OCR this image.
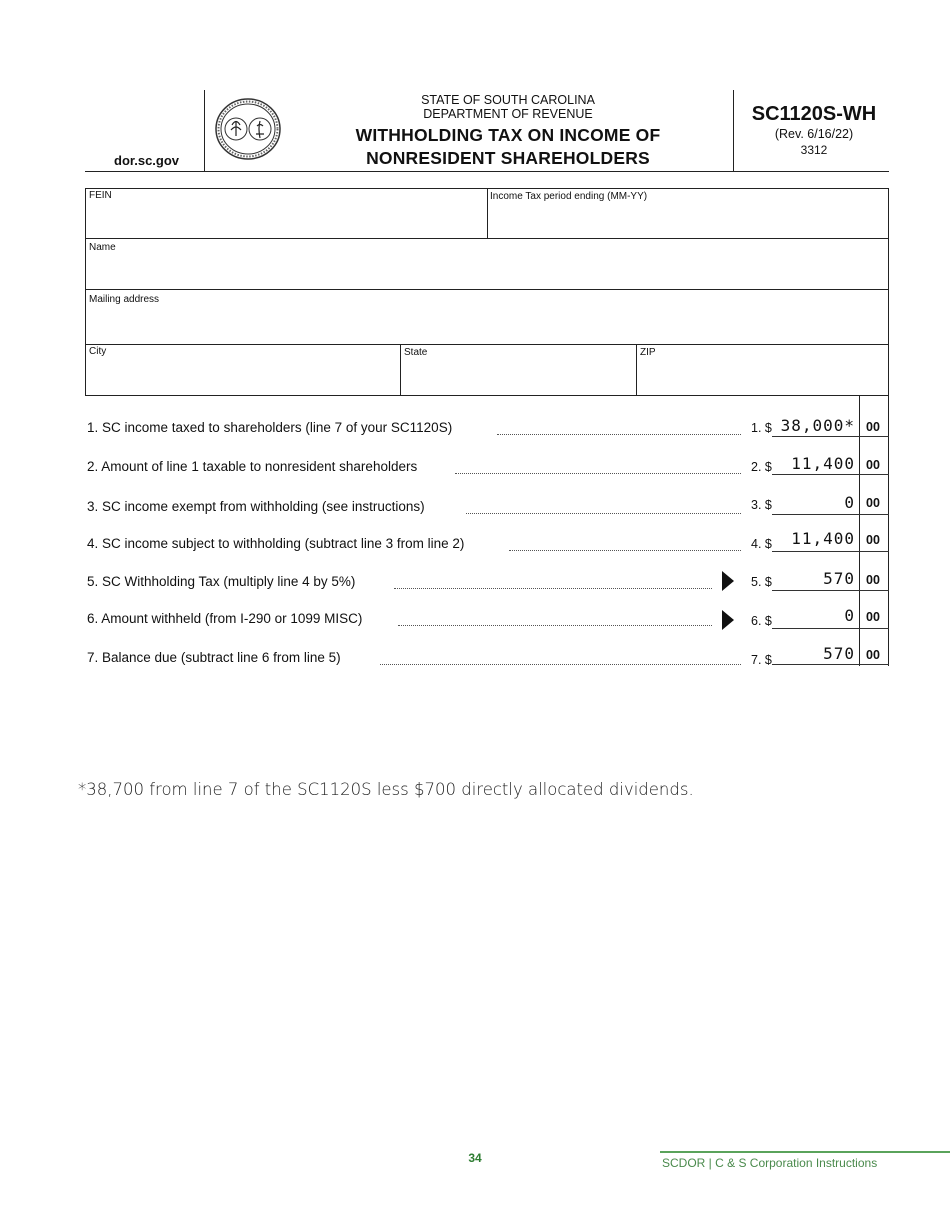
dor.sc.gov
STATE OF SOUTH CAROLINA
DEPARTMENT OF REVENUE
WITHHOLDING TAX ON INCOME OF
NONRESIDENT SHAREHOLDERS
SC1120S-WH
(Rev. 6/16/22)
3312
FEIN	Income Tax period ending (MM-YY)
Name
Mailing address
City	State	ZIP
1. SC income taxed to shareholders (line 7 of your SC1120S)	1. $ 38,000* 00
2. Amount of line 1 taxable to nonresident shareholders	2. $	11,400 00
3. SC income exempt from withholding (see instructions)	3. $	0 00
4. SC income subject to withholding (subtract line 3 from line 2)	4. $	11,400 00
5. SC Withholding Tax (multiply line 4 by 5%)	5. $	570 00
6. Amount withheld (from I-290 or 1099 MISC)	6. $	0 00
7. Balance due (subtract line 6 from line 5)	7. $	570 00
*38,700 from line 7 of the SC1120S less $700 directly allocated dividends.
34	SCDOR | C & S Corporation Instructions
